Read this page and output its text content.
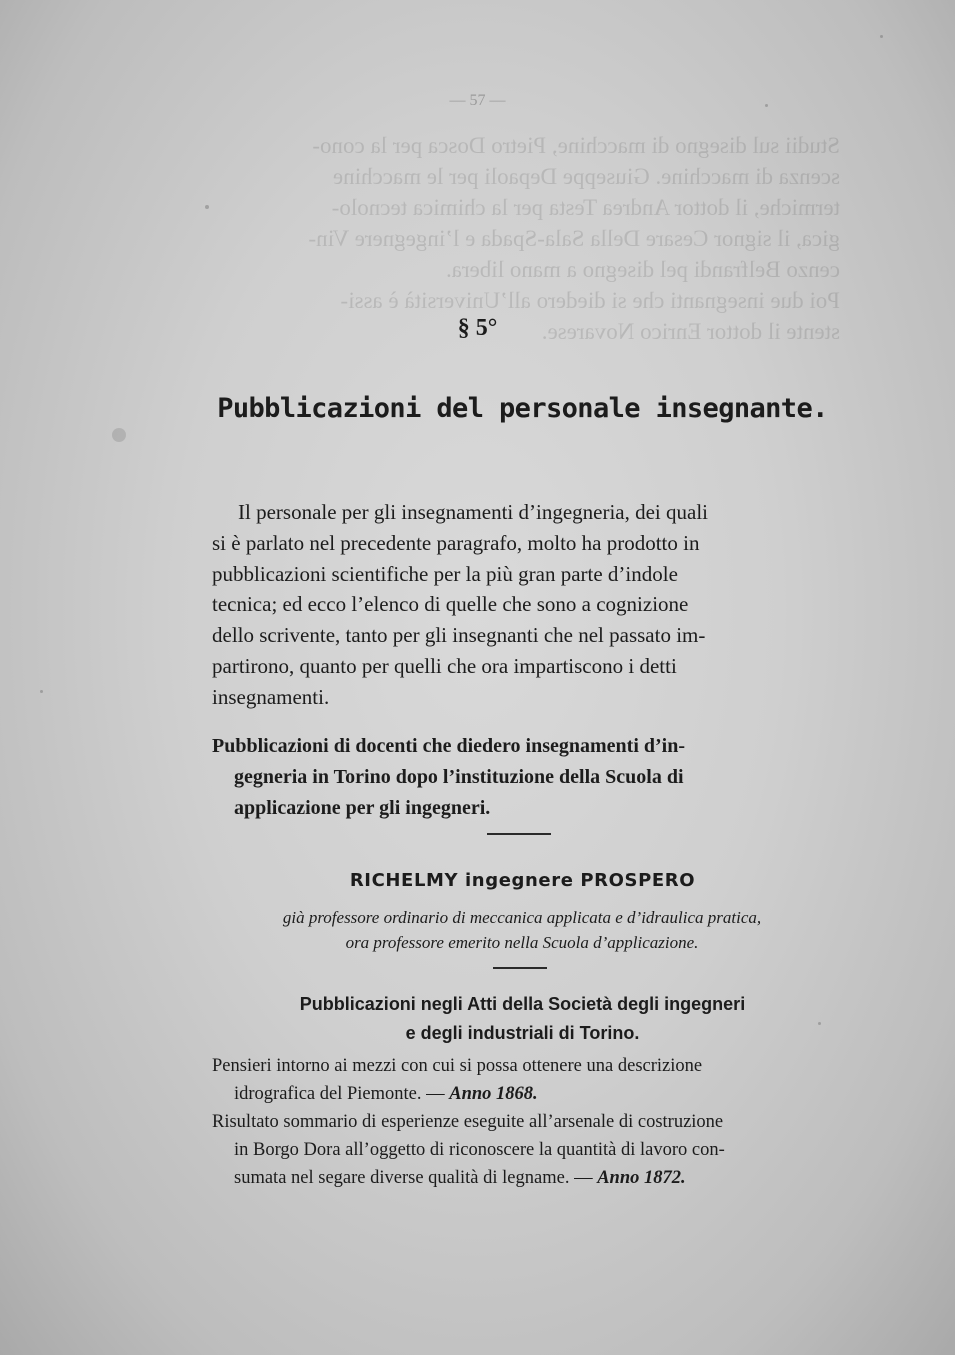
Studii sul disegno di macchine, Pietro Dosca per la cono-
scenza di macchine. Giuseppe Depaoli per le macchine
termiche, il dottor Andrea Testa per la chimica tecnolo-
gica, il signor Cesare Della Sala-Spada e l’ingegnere Vin-
cenzo Belfrandi pel disegno a mano libera.
Poi due insegnanti che si diedero all’Università è assi-
stente il dottor Enrico Novarese.
— 57 —
§ 5°
Pubblicazioni del personale insegnante.
Il personale per gli insegnamenti d’ingegneria, dei quali
si è parlato nel precedente paragrafo, molto ha prodotto in
pubblicazioni scientifiche per la più gran parte d’indole
tecnica; ed ecco l’elenco di quelle che sono a cognizione
dello scrivente, tanto per gli insegnanti che nel passato im-
partirono, quanto per quelli che ora impartiscono i detti
insegnamenti.
Pubblicazioni di docenti che diedero insegnamenti d’in-
gegneria in Torino dopo l’instituzione della Scuola di
applicazione per gli ingegneri.
RICHELMY ingegnere PROSPERO
già professore ordinario di meccanica applicata e d’idraulica pratica,
ora professore emerito nella Scuola d’applicazione.
Pubblicazioni negli Atti della Società degli ingegneri
e degli industriali di Torino.
Pensieri intorno ai mezzi con cui si possa ottenere una descrizione
idrografica del Piemonte. — Anno 1868.
Risultato sommario di esperienze eseguite all’arsenale di costruzione
in Borgo Dora all’oggetto di riconoscere la quantità di lavoro con-
sumata nel segare diverse qualità di legname. — Anno 1872.
